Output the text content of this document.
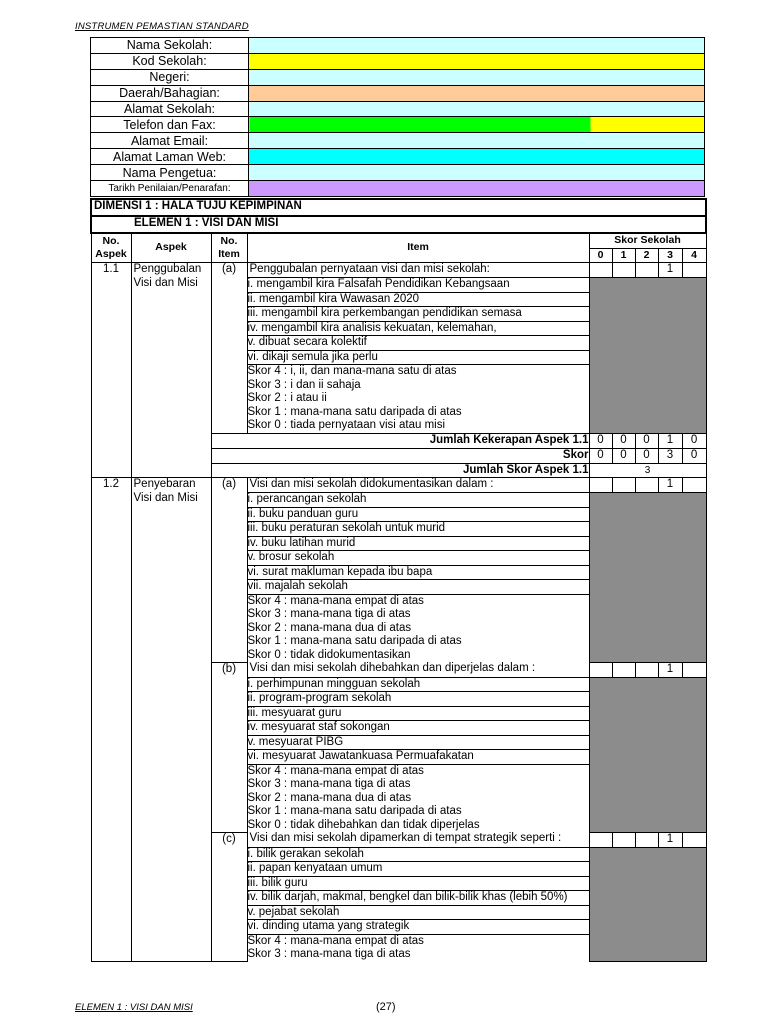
INSTRUMEN PEMASTIAN STANDARD
Nama Sekolah:	
Kod Sekolah:	
Negeri:	
Daerah/Bahagian:	
Alamat Sekolah:	
Telefon dan Fax:	
Alamat Email:	
Alamat Laman Web:	
Nama Pengetua:	
Tarikh Penilaian/Penarafan:	
DIMENSI 1 : HALA TUJU KEPIMPINAN								
ELEMEN 1 : VISI DAN MISI								
No. Aspek	Aspek	No. Item	Item	Skor Sekolah				
				0	1	2	3	4
1.1	Penggubalan Visi dan Misi	(a)	Penggubalan pernyataan visi dan misi sekolah:				1	
			i. mengambil kira Falsafah Pendidikan Kebangsaan					
			ii. mengambil kira Wawasan 2020					
			iii. mengambil kira perkembangan pendidikan semasa					
			iv. mengambil kira analisis kekuatan, kelemahan,					
			v. dibuat secara kolektif					
			vi. dikaji semula jika perlu					

			Skor 4 : i, ii, dan mana-mana satu di atas
Skor 3 : i dan ii sahaja
Skor 2 : i atau ii
Skor 1 : mana-mana satu daripada di atas
Skor 0 : tiada pernyataan visi atau misi					

		Jumlah Kekerapan Aspek 1.1		0	0	0	1	0
		Skor		0	0	0	3	0
		Jumlah Skor Aspek 1.1		3				
1.2	Penyebaran Visi dan Misi	(a)	Visi dan misi sekolah didokumentasikan dalam :				1	
			i. perancangan sekolah					
			ii. buku panduan guru					
			iii. buku peraturan sekolah untuk murid					
			iv. buku latihan murid					
			v. brosur sekolah					
			vi. surat makluman kepada ibu bapa					
			vii. majalah sekolah					

			Skor 4 : mana-mana empat di atas
Skor 3 : mana-mana tiga di atas
Skor 2 : mana-mana dua di atas
Skor 1 : mana-mana satu daripada di atas
Skor 0 : tidak didokumentasikan					

		(b)	Visi dan misi sekolah dihebahkan dan diperjelas dalam :				1	
			i. perhimpunan mingguan sekolah					
			ii. program-program sekolah					
			iii. mesyuarat guru					
			iv. mesyuarat staf sokongan					
			v. mesyuarat PIBG					
			vi. mesyuarat Jawatankuasa Permuafakatan					

			Skor 4 : mana-mana empat di atas
Skor 3 : mana-mana tiga di atas
Skor 2 : mana-mana dua di atas
Skor 1 : mana-mana satu daripada di atas
Skor 0 : tidak dihebahkan dan tidak diperjelas					

		(c)	Visi dan misi sekolah dipamerkan di tempat strategik seperti :				1	
			i. bilik gerakan sekolah					
			ii. papan kenyataan umum					
			iii. bilik guru					
			iv. bilik darjah, makmal, bengkel dan bilik-bilik khas (lebih 50%)					
			v. pejabat sekolah					
			vi. dinding utama yang strategik					

			Skor 4 : mana-mana empat di atas
Skor 3 : mana-mana tiga di atas					
ELEMEN 1 : VISI DAN MISI	(27)
